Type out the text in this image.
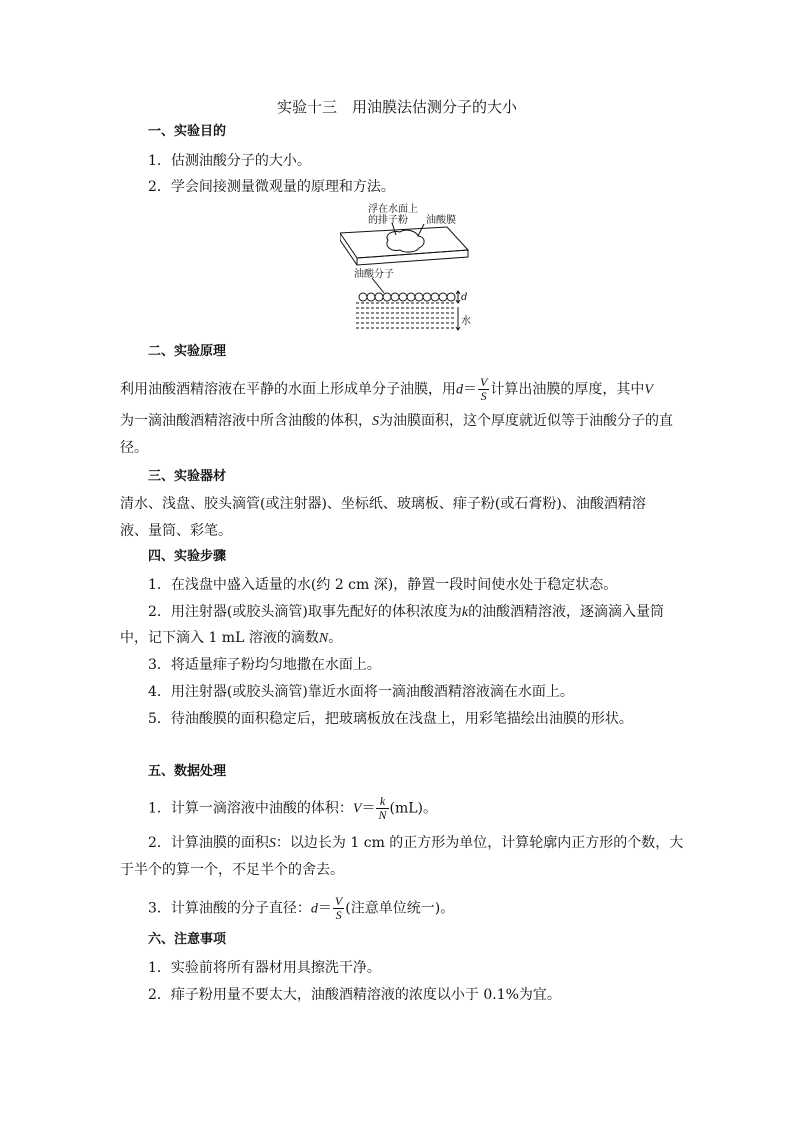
实验十三　用油膜法估测分子的大小
一、实验目的
1．估测油酸分子的大小。
2．学会间接测量微观量的原理和方法。
浮在水面上
的排子粉 油酸膜
油酸分子
d
水
二、实验原理
利用油酸酒精溶液在平静的水面上形成单分子油膜，用$d= \frac{V}{S}$ 计算出油膜的厚度，其中V
为一滴油酸酒精溶液中所含油酸的体积，S为油膜面积，这个厚度就近似等于油酸分子的直
径。
三、实验器材
清水、浅盘、胶头滴管(或注射器)、坐标纸、玻璃板、痱子粉(或石膏粉)、油酸酒精溶
液、量筒、彩笔。
四、实验步骤
1．在浅盘中盛入适量的水(约 2 cm 深)，静置一段时间使水处于稳定状态。
2．用注射器(或胶头滴管)取事先配好的体积浓度为k的油酸酒精溶液，逐滴滴入量筒
中，记下滴入 1 mL 溶液的滴数N。
3．将适量痱子粉均匀地撒在水面上。
4．用注射器(或胶头滴管)靠近水面将一滴油酸酒精溶液滴在水面上。
5．待油酸膜的面积稳定后，把玻璃板放在浅盘上，用彩笔描绘出油膜的形状。
五、数据处理
1．计算一滴溶液中油酸的体积：$V= \frac{k}{N} (mL)$。
2．计算油膜的面积S：以边长为 1 cm 的正方形为单位，计算轮廓内正方形的个数，大
于半个的算一个，不足半个的舍去。
3．计算油酸的分子直径：$d= \frac{V}{S}$ (注意单位统一)。
六、注意事项
1．实验前将所有器材用具擦洗干净。
2．痱子粉用量不要太大，油酸酒精溶液的浓度以小于 0.1%为宜。
